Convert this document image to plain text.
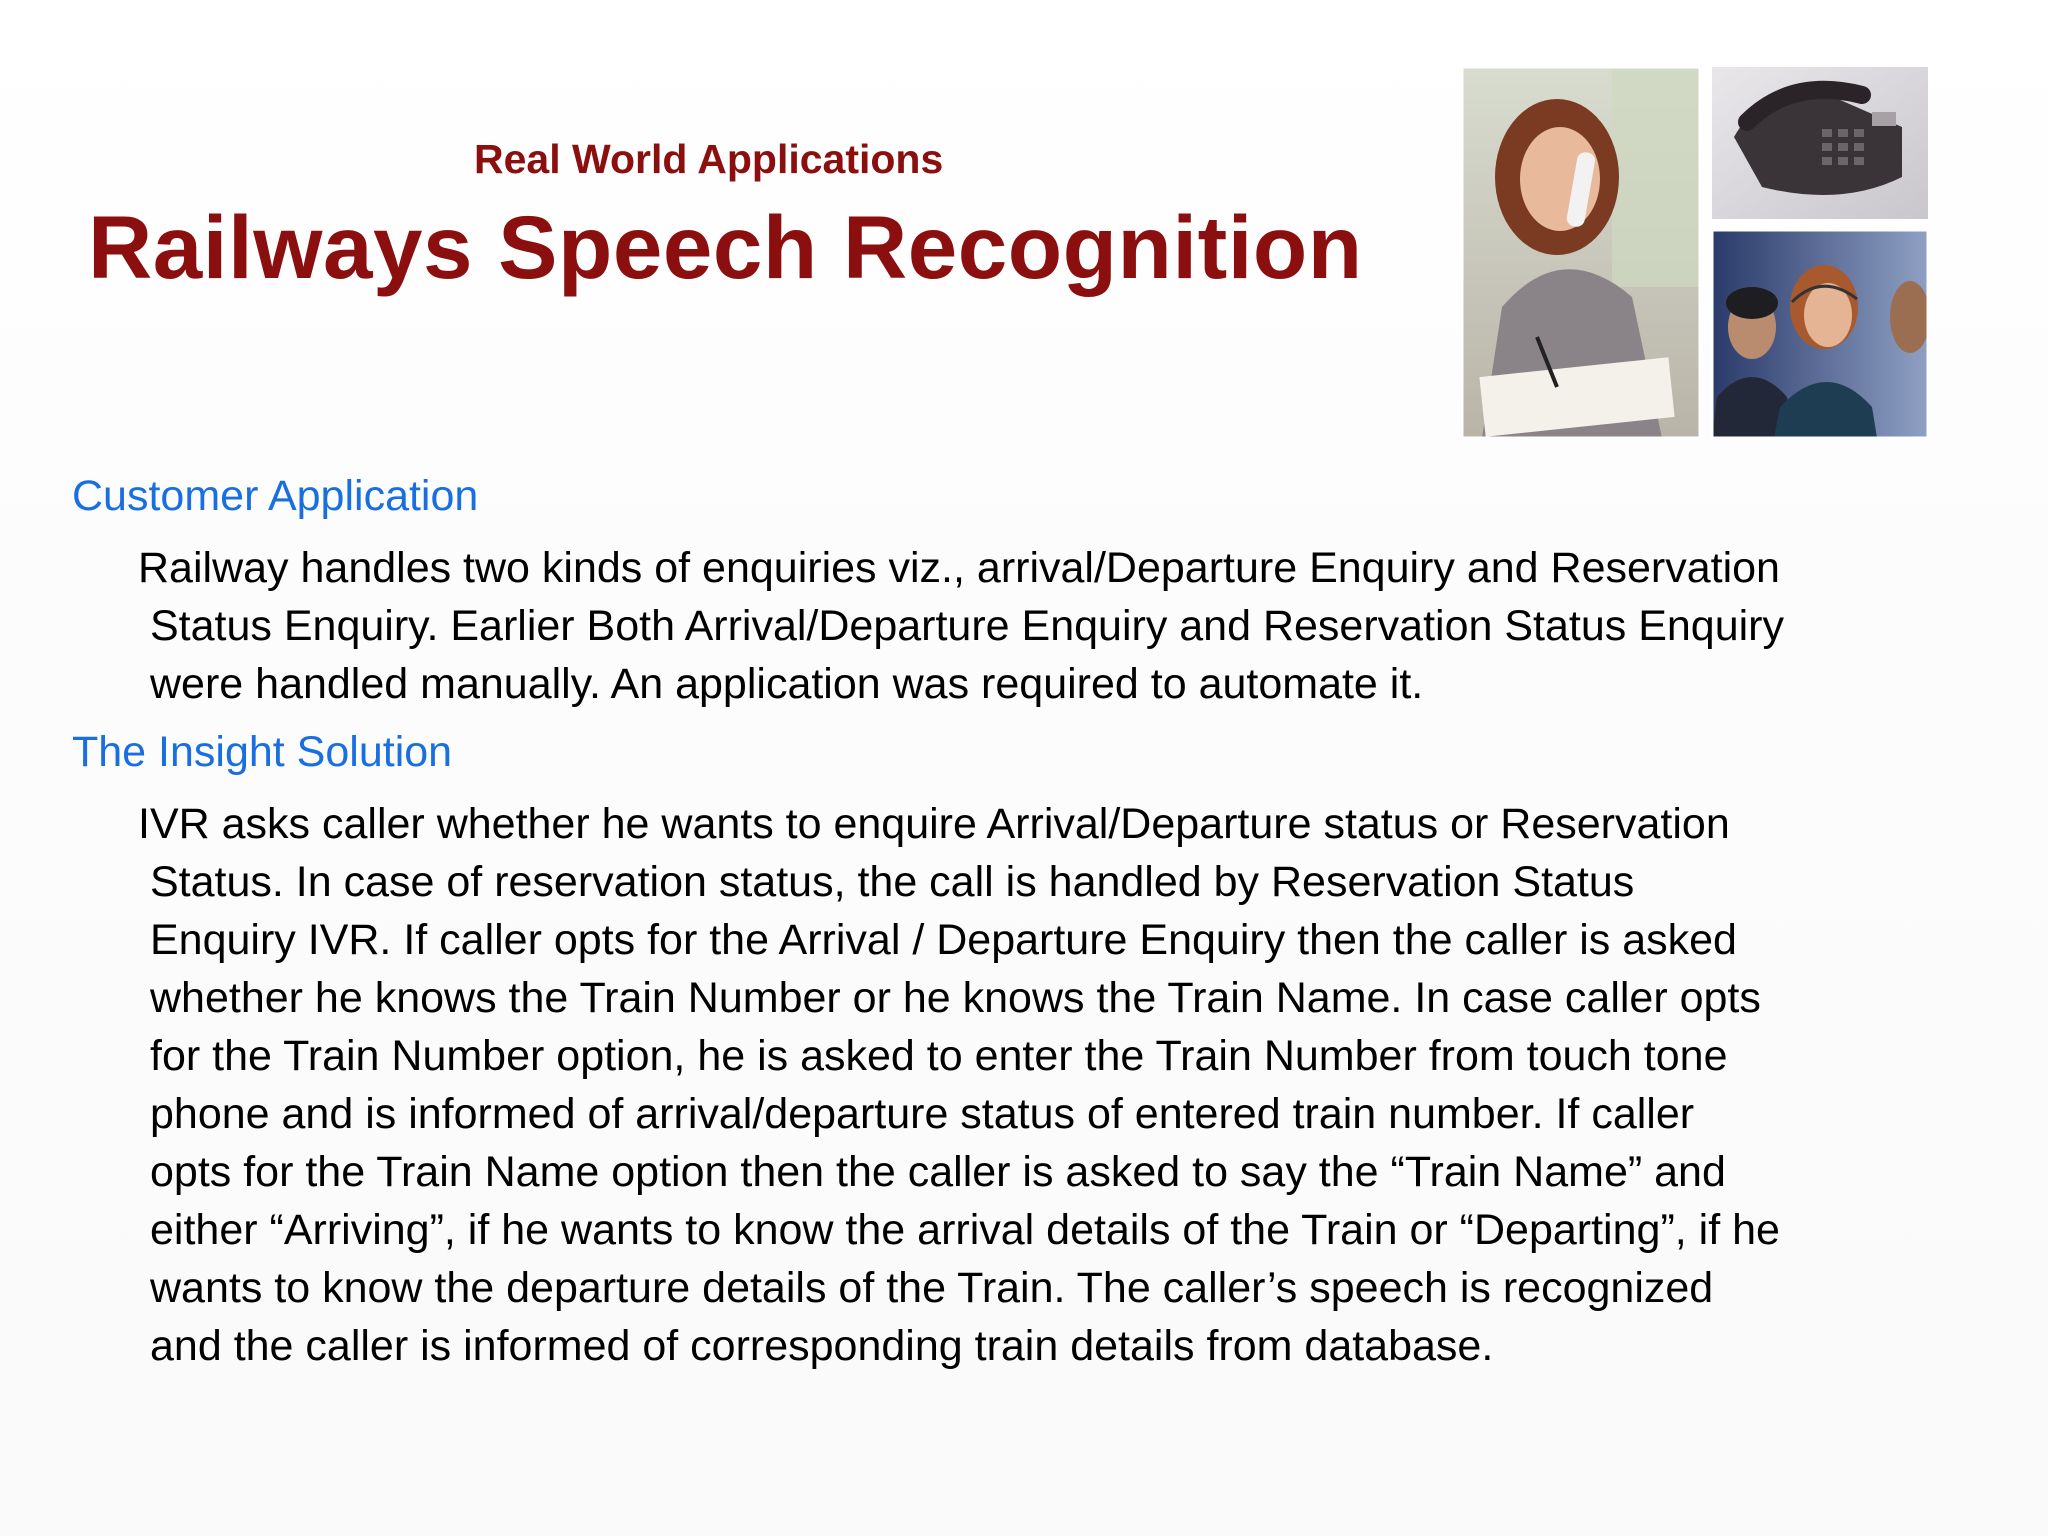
Real World Applications
Railways Speech Recognition
Customer Application
Railway handles two kinds of enquiries viz., arrival/Departure Enquiry and Reservation
Status Enquiry. Earlier Both Arrival/Departure Enquiry and Reservation Status Enquiry
were handled manually. An application was required to automate it.
The Insight Solution
IVR asks caller whether he wants to enquire Arrival/Departure status or Reservation
Status. In case of reservation status, the call is handled by Reservation Status
Enquiry IVR. If caller opts for the Arrival / Departure Enquiry then the caller is asked
whether he knows the Train Number or he knows the Train Name. In case caller opts
for the Train Number option, he is asked to enter the Train Number from touch tone
phone and is informed of arrival/departure status of entered train number. If caller
opts for the Train Name option then the caller is asked to say the “Train Name” and
either “Arriving”, if he wants to know the arrival details of the Train or “Departing”, if he
wants to know the departure details of the Train. The caller’s speech is recognized
and the caller is informed of corresponding train details from database.
